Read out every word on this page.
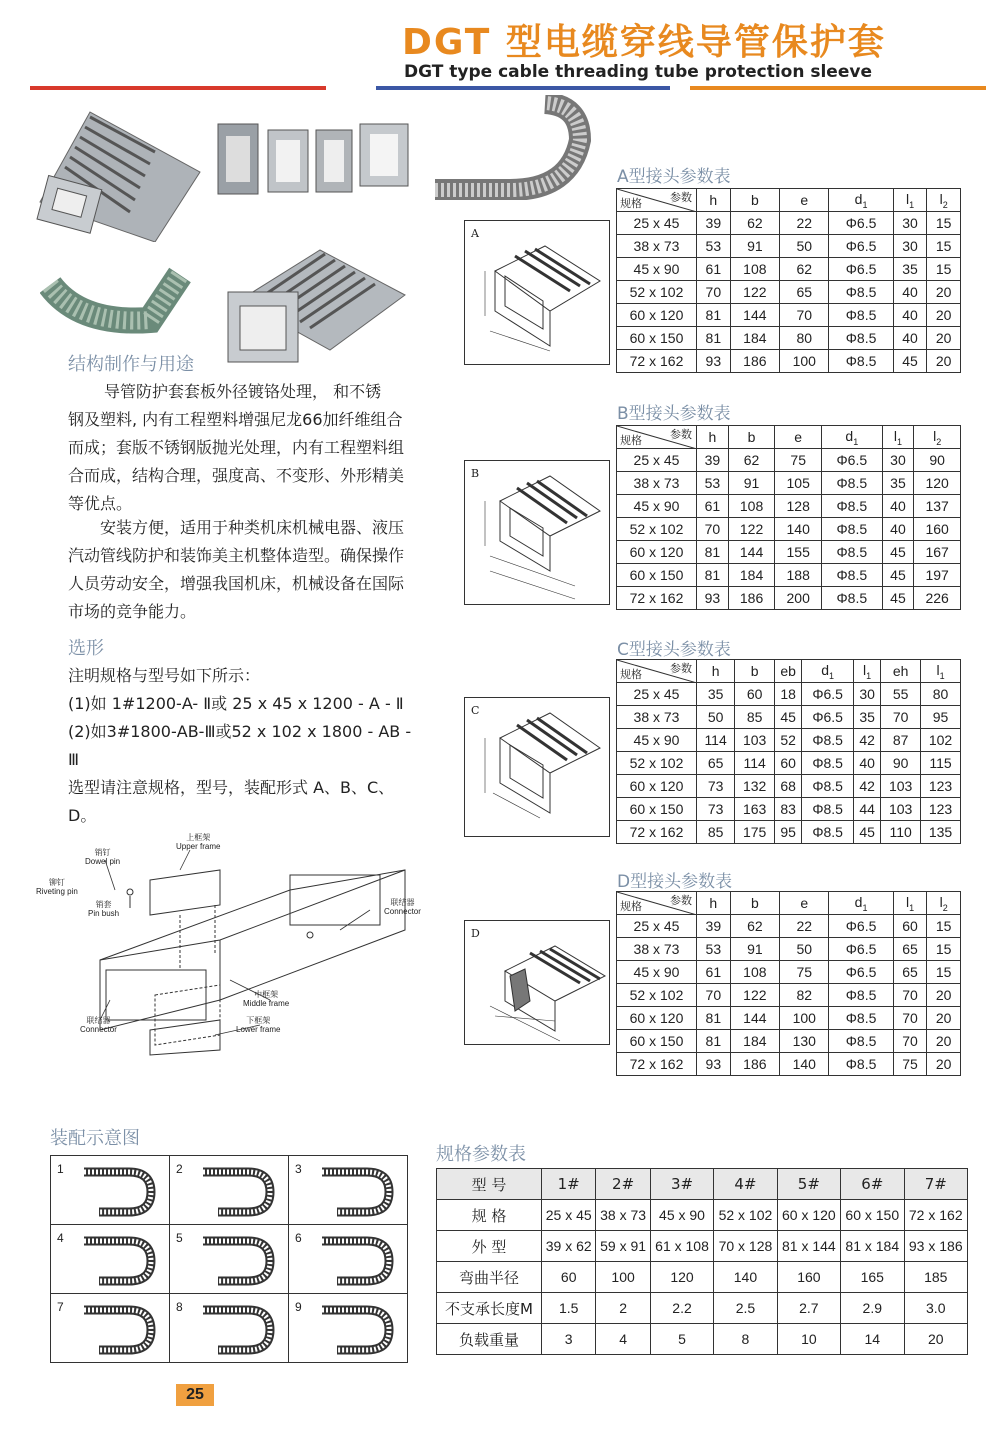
DGT 型电缆穿线导管保护套
DGT type cable threading tube protection sleeve
结构制作与用途

导管防护套套板外径镀铬处理， 和不锈

钢及塑料, 内有工程塑料增强尼龙66加纤维组合

而成；套版不锈钢版抛光处理，内有工程塑料组

合而成，结构合理，强度高、不变形、外形精美

等优点。

安装方便，适用于种类机床机械电器、液压

汽动管线防护和装饰美主机整体造型。确保操作

人员劳动安全，增强我国机床，机械设备在国际

市场的竞争能力。

选形

注明规格与型号如下所示：

(1)如 1#1200-A- Ⅱ或 25 x 45 x 1200 - A - Ⅱ

(2)如3#1800-AB-Ⅲ或52 x 102 x 1800 - AB - Ⅲ

选型请注意规格，型号，装配形式 A、B、C、D。

上框架
Upper frame
销钉
Dowel pin
铆钉
Riveting pin
销套
Pin bush
联结器
Connector
中框架
Middle frame
下框架
Lower frame
联结器
Connector
A
B
C
D
A型接头参数表
参数
规格	h	b	e	$d_1$	$l_1$	$l_2$
25 x 45	39	62	22	Φ6.5	30	15
38 x 73	53	91	50	Φ6.5	30	15
45 x 90	61	108	62	Φ6.5	35	15
52 x 102	70	122	65	Φ8.5	40	20
60 x 120	81	144	70	Φ8.5	40	20
60 x 150	81	184	80	Φ8.5	40	20
72 x 162	93	186	100	Φ8.5	45	20
B型接头参数表
参数
规格	h	b	e	$d_1$	$l_1$	$l_2$
25 x 45	39	62	75	Φ6.5	30	90
38 x 73	53	91	105	Φ8.5	35	120
45 x 90	61	108	128	Φ8.5	40	137
52 x 102	70	122	140	Φ8.5	40	160
60 x 120	81	144	155	Φ8.5	45	167
60 x 150	81	184	188	Φ8.5	45	197
72 x 162	93	186	200	Φ8.5	45	226
C型接头参数表
参数
规格	h	b	eb	$d_1$	$l_1$	eh	$l_1$
25 x 45	35	60	18	Φ6.5	30	55	80
38 x 73	50	85	45	Φ6.5	35	70	95
45 x 90	114	103	52	Φ8.5	42	87	102
52 x 102	65	114	60	Φ8.5	40	90	115
60 x 120	73	132	68	Φ8.5	42	103	123
60 x 150	73	163	83	Φ8.5	44	103	123
72 x 162	85	175	95	Φ8.5	45	110	135
D型接头参数表
参数
规格	h	b	e	$d_1$	$l_1$	$l_2$
25 x 45	39	62	22	Φ6.5	60	15
38 x 73	53	91	50	Φ6.5	65	15
45 x 90	61	108	75	Φ6.5	65	15
52 x 102	70	122	82	Φ8.5	70	20
60 x 120	81	144	100	Φ8.5	70	20
60 x 150	81	184	130	Φ8.5	70	20
72 x 162	93	186	140	Φ8.5	75	20
装配示意图
1	2	3

4	5	6

7	8	9
规格参数表
型 号	1#	2#	3#	4#	5#	6#	7#
规 格	25 x 45	38 x 73	45 x 90	52 x 102	60 x 120	60 x 150	72 x 162
外 型	39 x 62	59 x 91	61 x 108	70 x 128	81 x 144	81 x 184	93 x 186
弯曲半径	60	100	120	140	160	165	185
不支承长度M	1.5	2	2.2	2.5	2.7	2.9	3.0
负载重量	3	4	5	8	10	14	20
25
